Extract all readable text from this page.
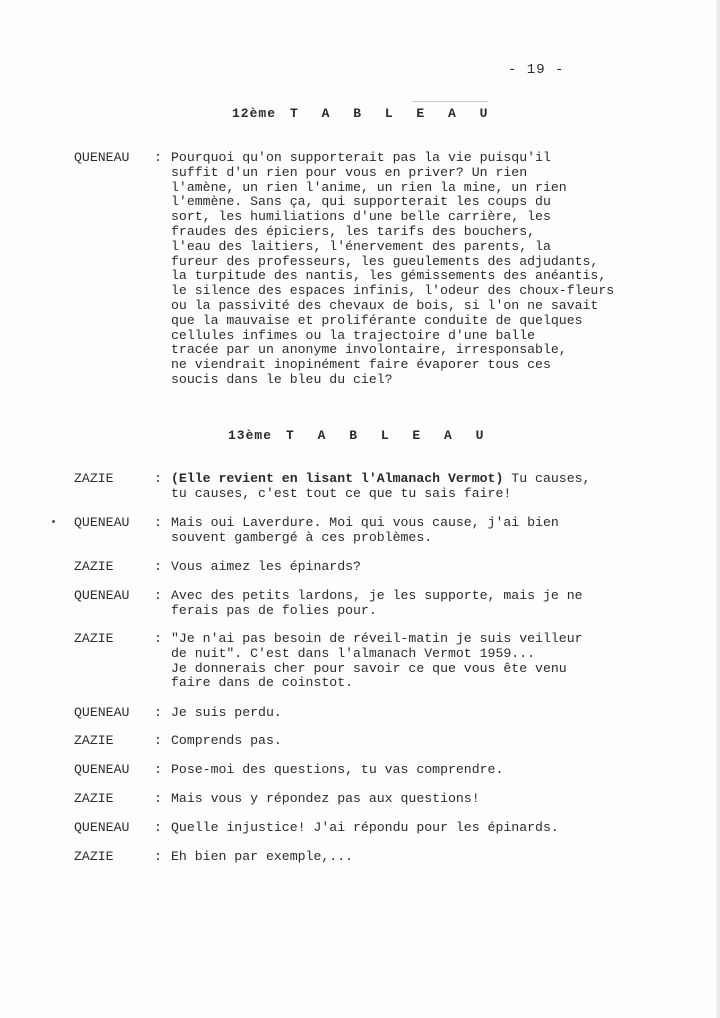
- 19 -
12ème T A B L E A U
QUENEAU : Pourquoi qu'on supporterait pas la vie puisqu'il
suffit d'un rien pour vous en priver? Un rien
l'amène, un rien l'anime, un rien la mine, un rien
l'emmène. Sans ça, qui supporterait les coups du
sort, les humiliations d'une belle carrière, les
fraudes des épiciers, les tarifs des bouchers,
l'eau des laitiers, l'énervement des parents, la
fureur des professeurs, les gueulements des adjudants,
la turpitude des nantis, les gémissements des anéantis,
le silence des espaces infinis, l'odeur des choux-fleurs
ou la passivité des chevaux de bois, si l'on ne savait
que la mauvaise et proliférante conduite de quelques
cellules infimes ou la trajectoire d'une balle
tracée par un anonyme involontaire, irresponsable,
ne viendrait inopinément faire évaporer tous ces
soucis dans le bleu du ciel?
13ème T A B L E A U
ZAZIE	: (Elle revient en lisant l'Almanach Vermot) Tu causes,
tu causes, c'est tout ce que tu sais faire!
QUENEAU : Mais oui Laverdure. Moi qui vous cause, j'ai bien
souvent gambergé à ces problèmes.
ZAZIE	: Vous aimez les épinards?
QUENEAU : Avec des petits lardons, je les supporte, mais je ne
ferais pas de folies pour.
ZAZIE	: "Je n'ai pas besoin de réveil-matin je suis veilleur
de nuit". C'est dans l'almanach Vermot 1959...
Je donnerais cher pour savoir ce que vous ête venu
faire dans de coinstot.
QUENEAU : Je suis perdu.
ZAZIE	: Comprends pas.
QUENEAU : Pose-moi des questions, tu vas comprendre.
ZAZIE	: Mais vous y répondez pas aux questions!
QUENEAU : Quelle injustice! J'ai répondu pour les épinards.
ZAZIE	: Eh bien par exemple,...
